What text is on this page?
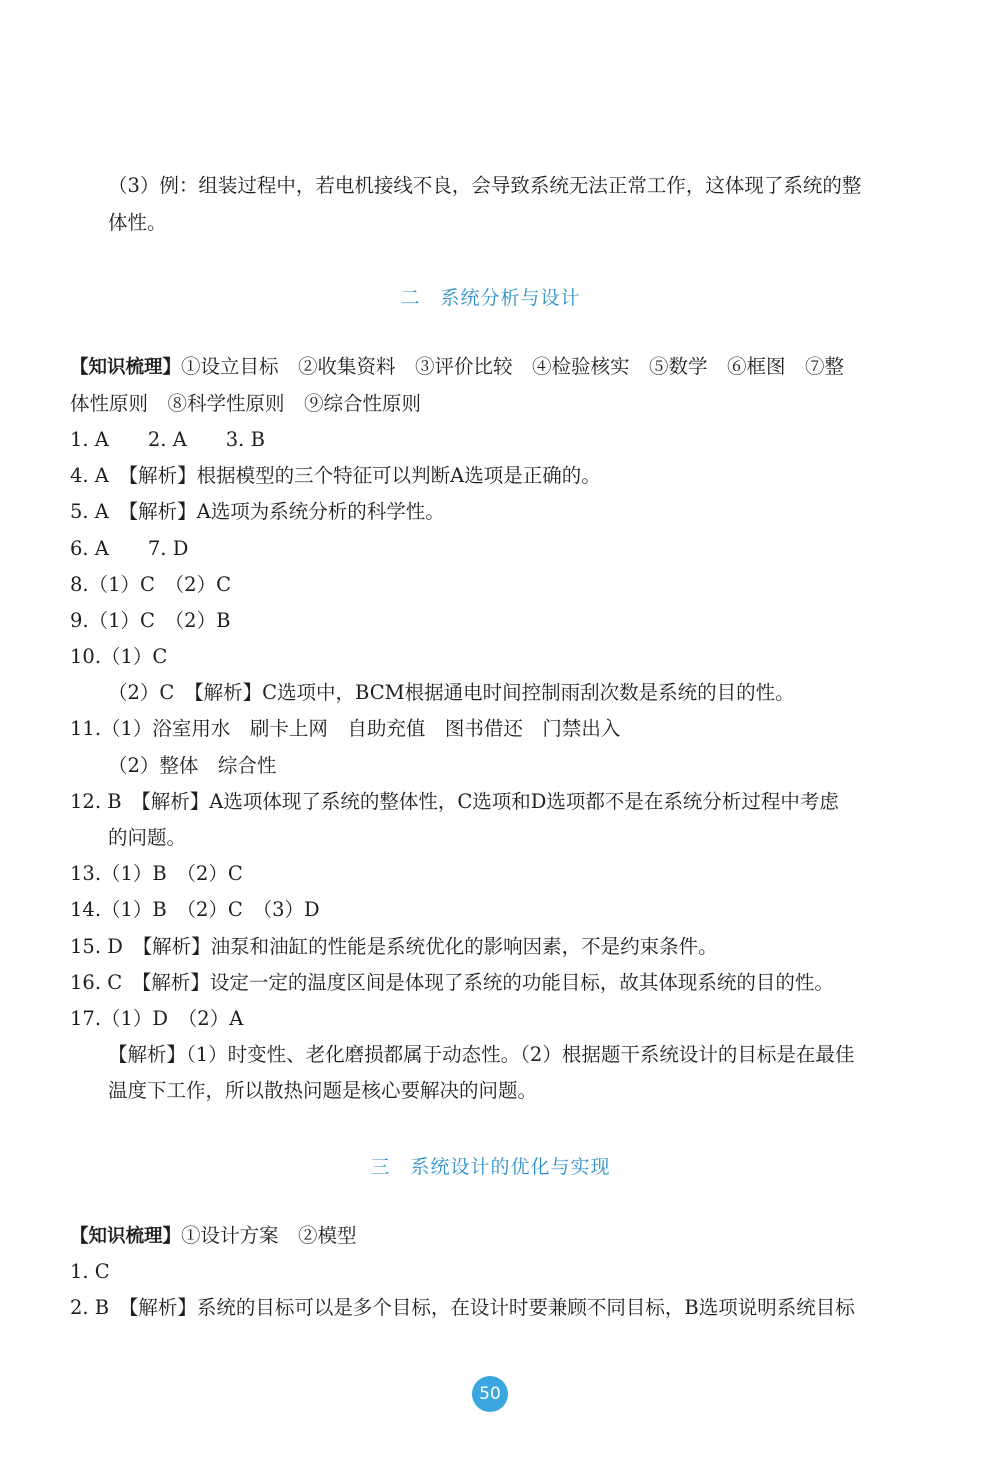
（3）例：组装过程中，若电机接线不良，会导致系统无法正常工作，这体现了系统的整
体性。
二　系统分析与设计
【知识梳理】①设立目标　②收集资料　③评价比较　④检验核实　⑤数学　⑥框图　⑦整
体性原则　⑧科学性原则　⑨综合性原则
1. A　　2. A　　3. B
4. A　【解析】根据模型的三个特征可以判断A选项是正确的。
5. A　【解析】A选项为系统分析的科学性。
6. A　　7. D
8.（1）C　（2）C
9.（1）C　（2）B
10.（1）C
（2）C　【解析】C选项中，BCM根据通电时间控制雨刮次数是系统的目的性。
11.（1）浴室用水　刷卡上网　自助充值　图书借还　门禁出入
（2）整体　综合性
12. B　【解析】A选项体现了系统的整体性，C选项和D选项都不是在系统分析过程中考虑
的问题。
13.（1）B　（2）C
14.（1）B　（2）C　（3）D
15. D　【解析】油泵和油缸的性能是系统优化的影响因素，不是约束条件。
16. C　【解析】设定一定的温度区间是体现了系统的功能目标，故其体现系统的目的性。
17.（1）D　（2）A
【解析】（1）时变性、老化磨损都属于动态性。（2）根据题干系统设计的目标是在最佳
温度下工作，所以散热问题是核心要解决的问题。
三　系统设计的优化与实现
【知识梳理】①设计方案　②模型
1. C
2. B　【解析】系统的目标可以是多个目标，在设计时要兼顾不同目标，B选项说明系统目标
50
